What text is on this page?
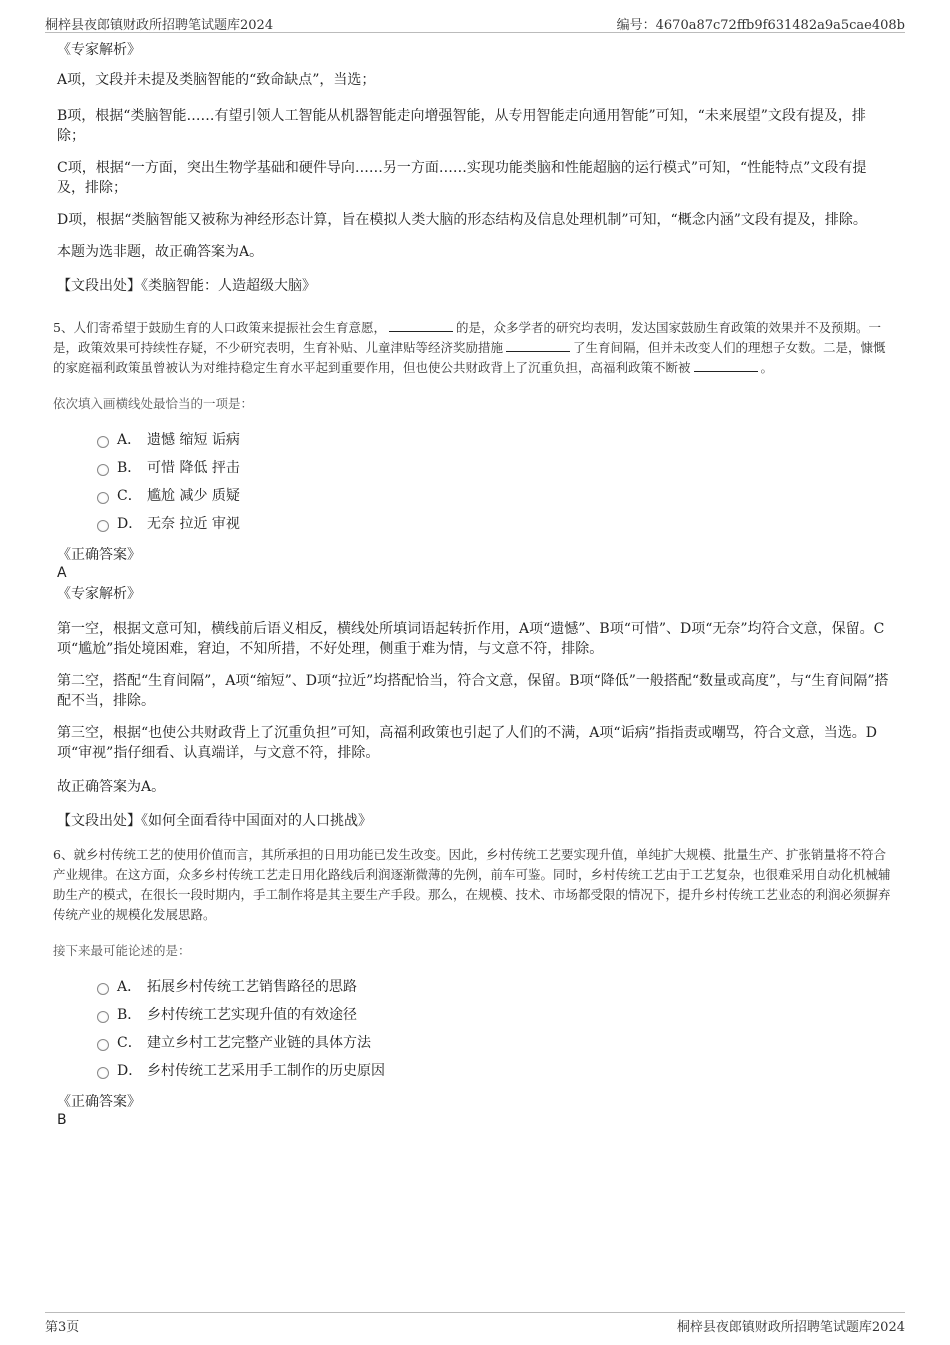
桐梓县夜郎镇财政所招聘笔试题库2024	编号：4670a87c72ffb9f631482a9a5cae408b

《专家解析》

A项，文段并未提及类脑智能的“致命缺点”，当选；

B项，根据“类脑智能……有望引领人工智能从机器智能走向增强智能，从专用智能走向通用智能”可知，“未来展望”文段有提及，排除；

C项，根据“一方面，突出生物学基础和硬件导向……另一方面……实现功能类脑和性能超脑的运行模式”可知，“性能特点”文段有提及，排除；

D项，根据“类脑智能又被称为神经形态计算，旨在模拟人类大脑的形态结构及信息处理机制”可知，“概念内涵”文段有提及，排除。

本题为选非题，故正确答案为A。

【文段出处】《类脑智能：人造超级大脑》

5、人们寄希望于鼓励生育的人口政策来提振社会生育意愿，	的是，众多学者的研究均表明，发达国家鼓励生育政策的效果并不及预期。一是，政策效果可持续性存疑，不少研究表明，生育补贴、儿童津贴等经济奖励措施	了生育间隔，但并未改变人们的理想子女数。二是，慷慨的家庭福利政策虽曾被认为对维持稳定生育水平起到重要作用，但也使公共财政背上了沉重负担，高福利政策不断被	。

依次填入画横线处最恰当的一项是：

A． 遗憾 缩短 诟病
B． 可惜 降低 抨击
C． 尴尬 减少 质疑
D． 无奈 拉近 审视

《正确答案》

A

《专家解析》

第一空，根据文意可知，横线前后语义相反，横线处所填词语起转折作用，A项“遗憾”、B项“可惜”、D项“无奈”均符合文意，保留。C项“尴尬”指处境困难，窘迫，不知所措，不好处理，侧重于难为情，与文意不符，排除。

第二空，搭配“生育间隔”，A项“缩短”、D项“拉近”均搭配恰当，符合文意，保留。B项“降低”一般搭配“数量或高度”，与“生育间隔”搭配不当，排除。

第三空，根据“也使公共财政背上了沉重负担”可知，高福利政策也引起了人们的不满，A项“诟病”指指责或嘲骂，符合文意，当选。D项“审视”指仔细看、认真端详，与文意不符，排除。

故正确答案为A。

【文段出处】《如何全面看待中国面对的人口挑战》

6、就乡村传统工艺的使用价值而言，其所承担的日用功能已发生改变。因此，乡村传统工艺要实现升值，单纯扩大规模、批量生产、扩张销量将不符合产业规律。在这方面，众多乡村传统工艺走日用化路线后利润逐渐微薄的先例，前车可鉴。同时，乡村传统工艺由于工艺复杂，也很难采用自动化机械辅助生产的模式，在很长一段时期内，手工制作将是其主要生产手段。那么，在规模、技术、市场都受限的情况下，提升乡村传统工艺业态的利润必须摒弃传统产业的规模化发展思路。

接下来最可能论述的是：

A． 拓展乡村传统工艺销售路径的思路
B． 乡村传统工艺实现升值的有效途径
C． 建立乡村工艺完整产业链的具体方法
D． 乡村传统工艺采用手工制作的历史原因

《正确答案》

B

第3页	桐梓县夜郎镇财政所招聘笔试题库2024
